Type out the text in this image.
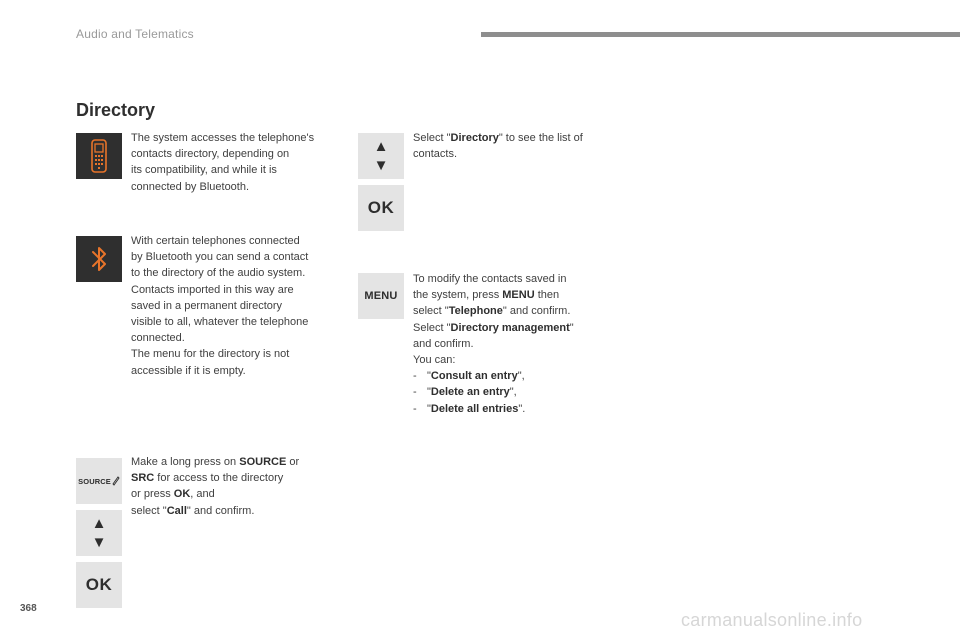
Audio and Telematics
Directory
SOURCE
▲
▼
OK
The system accesses the telephone's
contacts directory, depending on
its compatibility, and while it is
connected by Bluetooth.
With certain telephones connected
by Bluetooth you can send a contact
to the directory of the audio system.
Contacts imported in this way are
saved in a permanent directory
visible to all, whatever the telephone
connected.
The menu for the directory is not
accessible if it is empty.
Make a long press on SOURCE or
SRC for access to the directory
or press OK, and
select "Call" and confirm.
▲
▼
OK
MENU
Select "Directory" to see the list of
contacts.
To modify the contacts saved in
the system, press MENU then
select "Telephone" and confirm.
Select "Directory management"
and confirm.
You can:
- " Consult an entry ",
- " Delete an entry ",
- " Delete all entries ".
368
carmanualsonline.info
